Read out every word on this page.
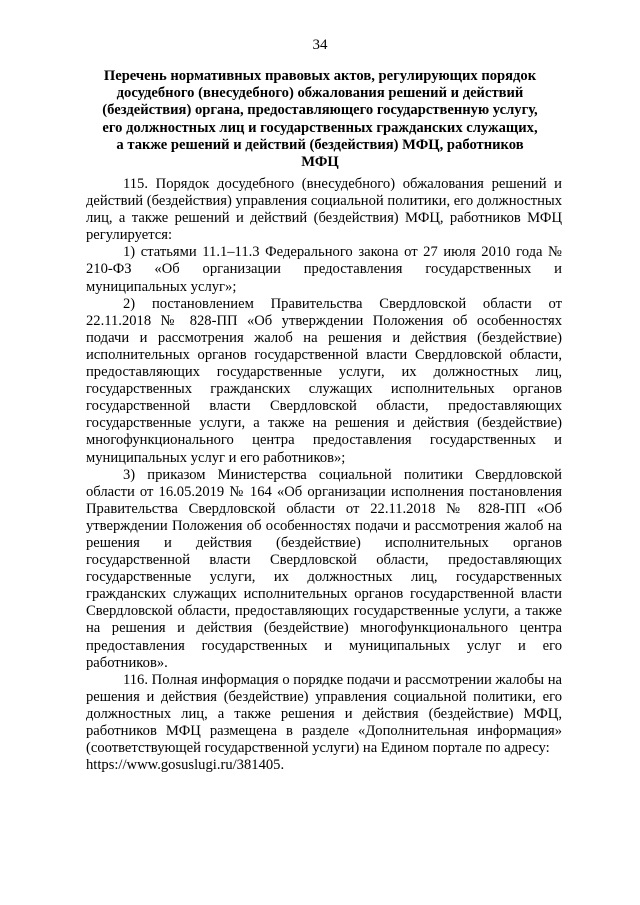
34
Перечень нормативных правовых актов, регулирующих порядок досудебного (внесудебного) обжалования решений и действий (бездействия) органа, предоставляющего государственную услугу, его должностных лиц и государственных гражданских служащих, а также решений и действий (бездействия) МФЦ, работников МФЦ

115. Порядок досудебного (внесудебного) обжалования решений и действий (бездействия) управления социальной политики, его должностных лиц, а также решений и действий (бездействия) МФЦ, работников МФЦ регулируется:

1) статьями 11.1–11.3 Федерального закона от 27 июля 2010 года № 210-ФЗ «Об организации предоставления государственных и муниципальных услуг»;

2) постановлением Правительства Свердловской области от 22.11.2018 № 828-ПП «Об утверждении Положения об особенностях подачи и рассмотрения жалоб на решения и действия (бездействие) исполнительных органов государственной власти Свердловской области, предоставляющих государственные услуги, их должностных лиц, государственных гражданских служащих исполнительных органов государственной власти Свердловской области, предоставляющих государственные услуги, а также на решения и действия (бездействие) многофункционального центра предоставления государственных и муниципальных услуг и его работников»;

3) приказом Министерства социальной политики Свердловской области от 16.05.2019 № 164 «Об организации исполнения постановления Правительства Свердловской области от 22.11.2018 № 828-ПП «Об утверждении Положения об особенностях подачи и рассмотрения жалоб на решения и действия (бездействие) исполнительных органов государственной власти Свердловской области, предоставляющих государственные услуги, их должностных лиц, государственных гражданских служащих исполнительных органов государственной власти Свердловской области, предоставляющих государственные услуги, а также на решения и действия (бездействие) многофункционального центра предоставления государственных и муниципальных услуг и его работников».

116. Полная информация о порядке подачи и рассмотрении жалобы на решения и действия (бездействие) управления социальной политики, его должностных лиц, а также решения и действия (бездействие) МФЦ, работников МФЦ размещена в разделе «Дополнительная информация» (соответствующей государственной услуги) на Едином портале по адресу:

https://www.gosuslugi.ru/381405.
